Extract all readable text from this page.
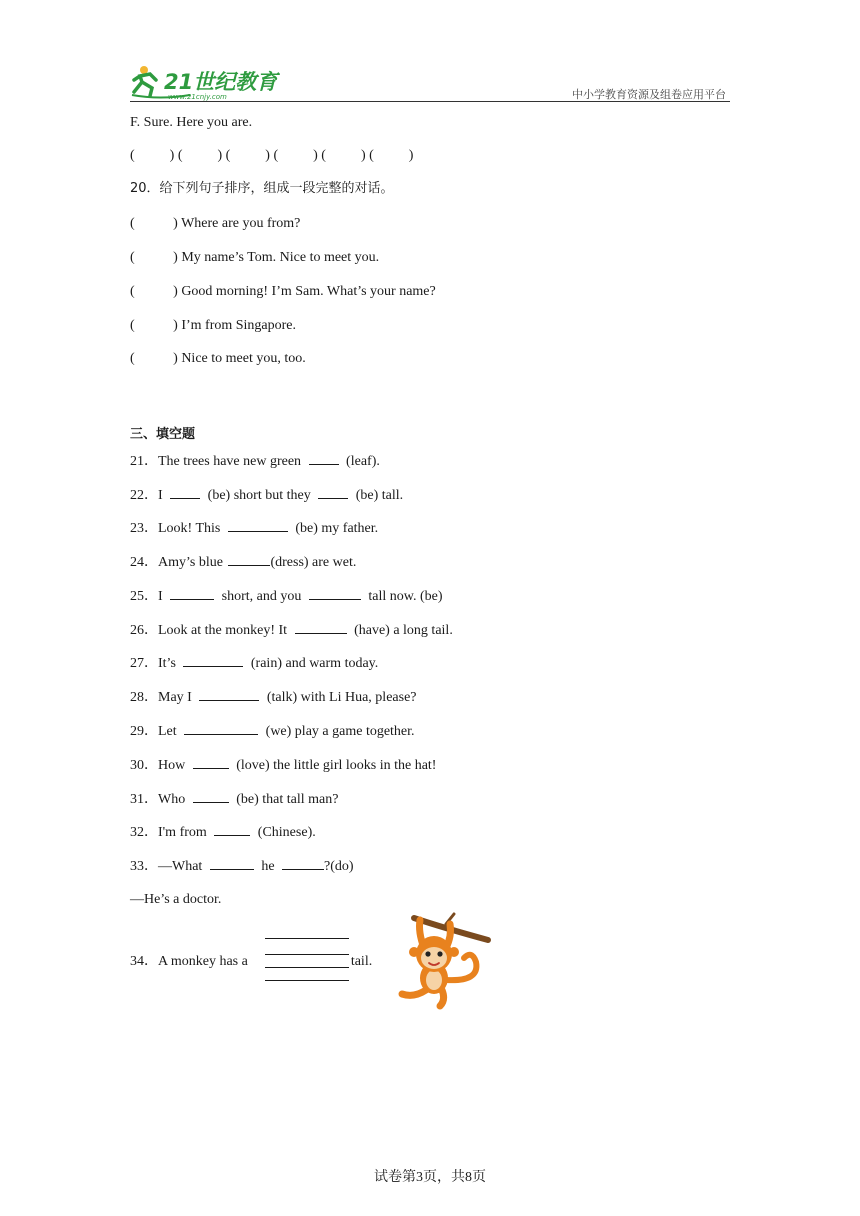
21世纪教育
www.21cnjy.com	中小学教育资源及组卷应用平台
F. Sure. Here you are.
(          ) (          ) (          ) (          ) (          ) (          )
20．给下列句子排序，组成一段完整的对话。
(           ) Where are you from?
(           ) My name’s Tom. Nice to meet you.
(           ) Good morning! I’m Sam. What’s your name?
(           ) I’m from Singapore.
(           ) Nice to meet you, too.
三、填空题
21．The trees have new green	(leaf).
22．I	(be) short but they	(be) tall.
23．Look! This	(be) my father.
24．Amy’s blue	(dress) are wet.
25．I	short, and you	tall now. (be)
26．Look at the monkey! It	(have) a long tail.
27．It’s	(rain) and warm today.
28．May I	(talk) with Li Hua, please?
29．Let	(we) play a game together.
30．How	(love) the little girl looks in the hat!
31．Who	(be) that tall man?
32．I'm from	(Chinese).
33．—What	he	?(do)
—He’s a doctor.
34．A monkey has a	tail.
试卷第3页，共8页
